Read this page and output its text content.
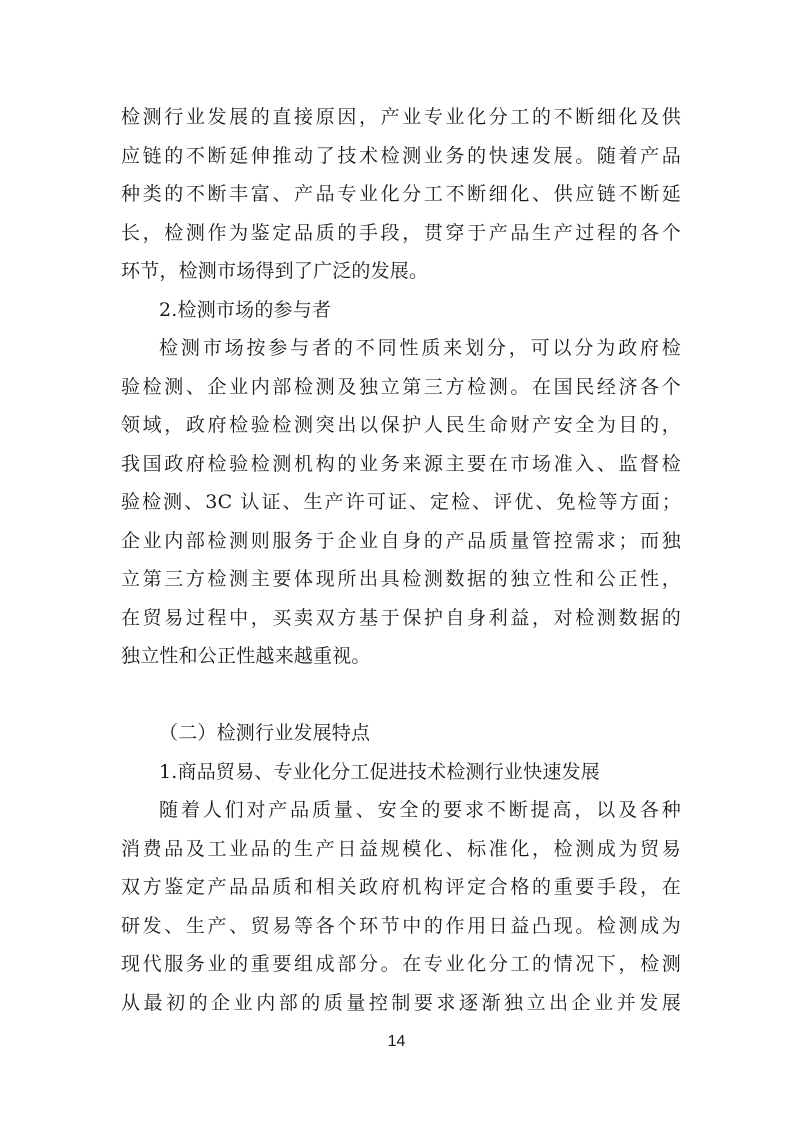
检测行业发展的直接原因，产业专业化分工的不断细化及供
应链的不断延伸推动了技术检测业务的快速发展。随着产品
种类的不断丰富、产品专业化分工不断细化、供应链不断延
长，检测作为鉴定品质的手段，贯穿于产品生产过程的各个
环节，检测市场得到了广泛的发展。
2.检测市场的参与者
检测市场按参与者的不同性质来划分，可以分为政府检
验检测、企业内部检测及独立第三方检测。在国民经济各个
领域，政府检验检测突出以保护人民生命财产安全为目的，
我国政府检验检测机构的业务来源主要在市场准入、监督检
验检测、3C 认证、生产许可证、定检、评优、免检等方面；
企业内部检测则服务于企业自身的产品质量管控需求；而独
立第三方检测主要体现所出具检测数据的独立性和公正性，
在贸易过程中，买卖双方基于保护自身利益，对检测数据的
独立性和公正性越来越重视。
（二）检测行业发展特点
1.商品贸易、专业化分工促进技术检测行业快速发展
随着人们对产品质量、安全的要求不断提高，以及各种
消费品及工业品的生产日益规模化、标准化，检测成为贸易
双方鉴定产品品质和相关政府机构评定合格的重要手段，在
研发、生产、贸易等各个环节中的作用日益凸现。检测成为
现代服务业的重要组成部分。在专业化分工的情况下，检测
从最初的企业内部的质量控制要求逐渐独立出企业并发展
14
